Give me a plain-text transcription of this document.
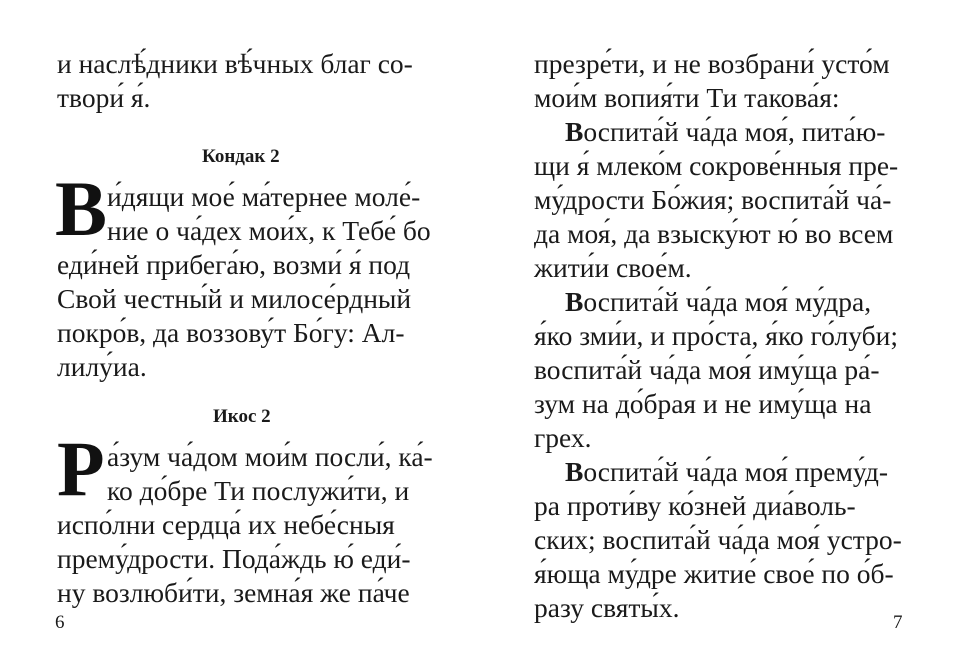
и наслѣ́дники вѣ́чных благ со-
твори́ я́.
Кондак 2
В и́дящи мое́ ма́тернее моле́-
ние о ча́дех мои́х, к Тебе́ бо
еди́ней прибега́ю, возми́ я́ под
Свой честны́й и милосе́рдный
покро́в, да воззову́т Бо́гу: Ал-
лилу́иа.
Икос 2
Р а́зум ча́дом мои́м посли́, ка́-
ко до́бре Ти послужи́ти, и
испо́лни сердца́ их небе́сныя
прему́дрости. Пода́ждь ю́ еди́-
ну возлюби́ти, земна́я же па́че
6
презре́ти, и не возбрани́ усто́м
мои́м вопия́ти Ти такова́я:
Воспита́й ча́да моя́, пита́ю-
щи я́ млеко́м сокрове́нныя пре-
му́дрости Бо́жия; воспита́й ча́-
да моя́, да взыску́ют ю́ во всем
жити́и свое́м.
Воспита́й ча́да моя́ му́дра,
я́ко зми́и, и про́ста, я́ко го́луби;
воспита́й ча́да моя́ иму́ща ра́-
зум на до́брая и не иму́ща на
грех.
Воспита́й ча́да моя́ прему́д-
ра проти́ву ко́зней диа́воль-
ских; воспита́й ча́да моя́ устро-
я́юща му́дре житие́ свое́ по о́б-
разу святы́х.	7
